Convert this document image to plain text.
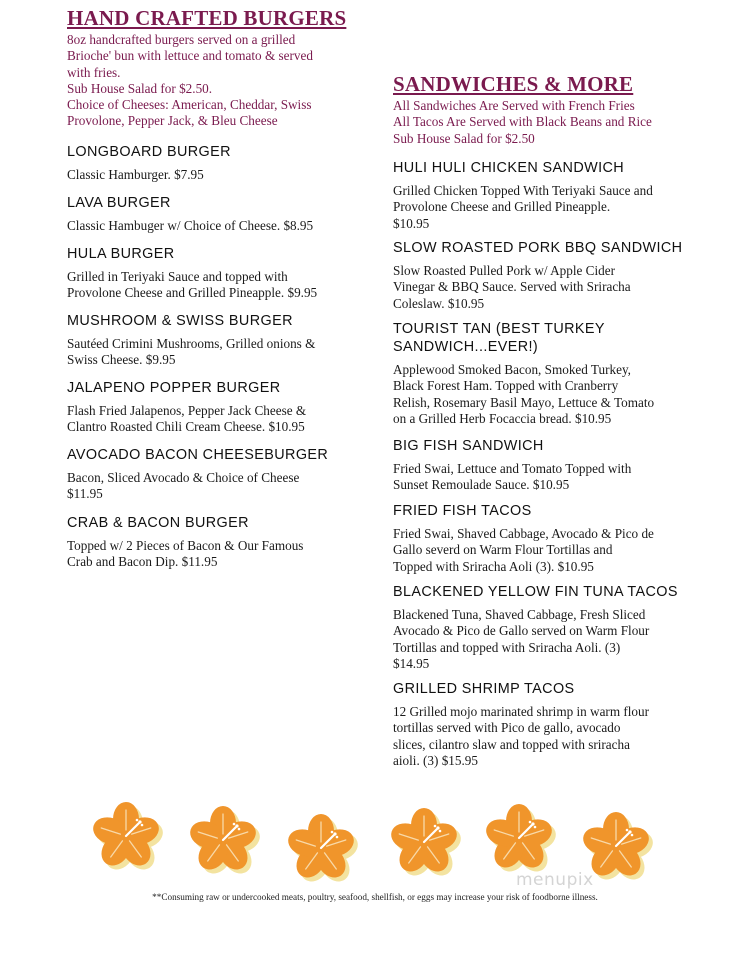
HAND CRAFTED BURGERS
8oz handcrafted burgers served on a grilled
Brioche' bun with lettuce and tomato & served
with fries.
Sub House Salad for $2.50.
Choice of Cheeses: American, Cheddar, Swiss
Provolone, Pepper Jack, & Bleu Cheese
LONGBOARD BURGER
Classic Hamburger. $7.95
LAVA BURGER
Classic Hambuger w/ Choice of Cheese. $8.95
HULA BURGER
Grilled in Teriyaki Sauce and topped with
Provolone Cheese and Grilled Pineapple. $9.95
MUSHROOM & SWISS BURGER
Sautéed Crimini Mushrooms, Grilled onions &
Swiss Cheese. $9.95
JALAPENO POPPER BURGER
Flash Fried Jalapenos, Pepper Jack Cheese &
Clantro Roasted Chili Cream Cheese. $10.95
AVOCADO BACON CHEESEBURGER
Bacon, Sliced Avocado & Choice of Cheese
$11.95
CRAB & BACON BURGER
Topped w/ 2 Pieces of Bacon & Our Famous
Crab and Bacon Dip. $11.95
SANDWICHES & MORE
All Sandwiches Are Served with French Fries
All Tacos Are Served with Black Beans and Rice
Sub House Salad for $2.50
HULI HULI CHICKEN SANDWICH
Grilled Chicken Topped With Teriyaki Sauce and
Provolone Cheese and Grilled Pineapple.
$10.95
SLOW ROASTED PORK BBQ SANDWICH
Slow Roasted Pulled Pork w/ Apple Cider
Vinegar & BBQ Sauce. Served with Sriracha
Coleslaw. $10.95
TOURIST TAN (BEST TURKEY
SANDWICH...EVER!)
Applewood Smoked Bacon, Smoked Turkey,
Black Forest Ham. Topped with Cranberry
Relish, Rosemary Basil Mayo, Lettuce & Tomato
on a Grilled Herb Focaccia bread. $10.95
BIG FISH SANDWICH
Fried Swai, Lettuce and Tomato Topped with
Sunset Remoulade Sauce. $10.95
FRIED FISH TACOS
Fried Swai, Shaved Cabbage, Avocado & Pico de
Gallo severd on Warm Flour Tortillas and
Topped with Sriracha Aoli (3). $10.95
BLACKENED YELLOW FIN TUNA TACOS
Blackened Tuna, Shaved Cabbage, Fresh Sliced
Avocado & Pico de Gallo served on Warm Flour
Tortillas and topped with Sriracha Aoli. (3)
$14.95
GRILLED SHRIMP TACOS
12 Grilled mojo marinated shrimp in warm flour
tortillas served with Pico de gallo, avocado
slices, cilantro slaw and topped with sriracha
aioli. (3) $15.95
menupix
**Consuming raw or undercooked meats, poultry, seafood, shellfish, or eggs may increase your risk of foodborne illness.
